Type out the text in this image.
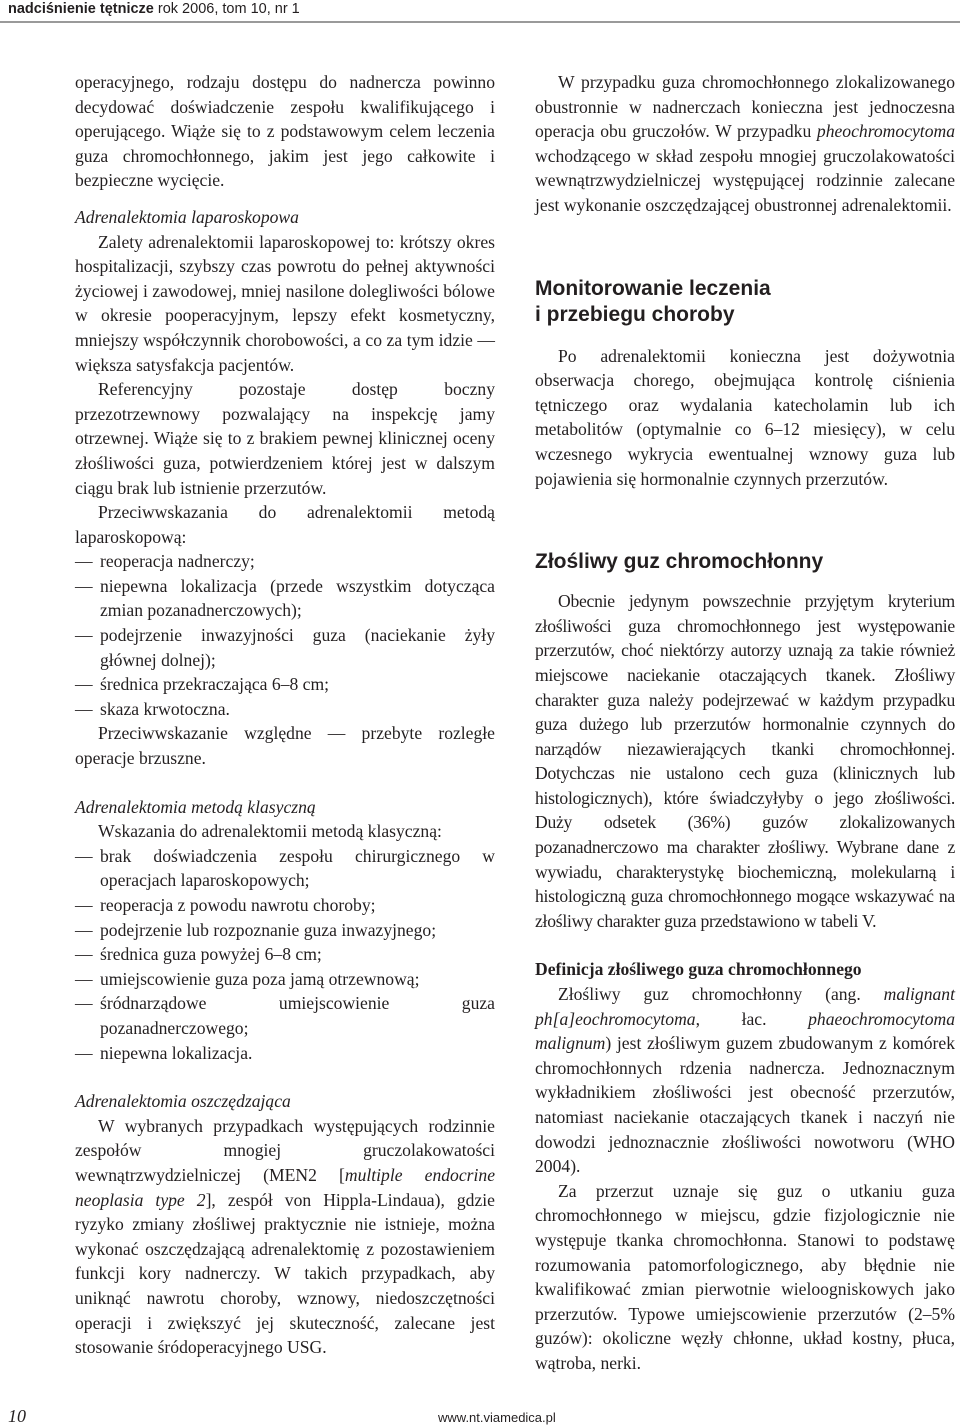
nadciśnienie tętnicze rok 2006, tom 10, nr 1

operacyjnego, rodzaju dostępu do nadnercza powinno decydować doświadczenie zespołu kwalifikującego i operującego. Wiąże się to z podstawowym celem leczenia guza chromochłonnego, jakim jest jego całkowite i bezpieczne wycięcie.

Adrenalektomia laparoskopowa

Zalety adrenalektomii laparoskopowej to: krótszy okres hospitalizacji, szybszy czas powrotu do pełnej aktywności życiowej i zawodowej, mniej nasilone dolegliwości bólowe w okresie pooperacyjnym, lepszy efekt kosmetyczny, mniejszy współczynnik chorobowości, a co za tym idzie — większa satysfakcja pacjentów.

Referencyjny pozostaje dostęp boczny przezotrzewnowy pozwalający na inspekcję jamy otrzewnej. Wiąże się to z brakiem pewnej klinicznej oceny złośliwości guza, potwierdzeniem której jest w dalszym ciągu brak lub istnienie przerzutów.

Przeciwwskazania do adrenalektomii metodą laparoskopową:

— reoperacja nadnerczy;
— niepewna lokalizacja (przede wszystkim dotycząca zmian pozanadnerczowych);
— podejrzenie inwazyjności guza (naciekanie żyły głównej dolnej);
— średnica przekraczająca 6–8 cm;
— skaza krwotoczna.

Przeciwwskazanie względne — przebyte rozległe operacje brzuszne.

Adrenalektomia metodą klasyczną

Wskazania do adrenalektomii metodą klasyczną:

— brak doświadczenia zespołu chirurgicznego w operacjach laparoskopowych;
— reoperacja z powodu nawrotu choroby;
— podejrzenie lub rozpoznanie guza inwazyjnego;
— średnica guza powyżej 6–8 cm;
— umiejscowienie guza poza jamą otrzewnową;
— śródnarządowe umiejscowienie guza pozanadnerczowego;
— niepewna lokalizacja.
Adrenalektomia oszczędzająca

W wybranych przypadkach występujących rodzinnie zespołów mnogiej gruczolakowatości wewnątrzwydzielniczej (MEN2 [multiple endocrine neoplasia type 2], zespół von Hippla-Lindaua), gdzie ryzyko zmiany złośliwej praktycznie nie istnieje, można wykonać oszczędzającą adrenalektomię z pozostawieniem funkcji kory nadnerczy. W takich przypadkach, aby uniknąć nawrotu choroby, wznowy, niedoszczętności operacji i zwiększyć jej skuteczność, zalecane jest stosowanie śródoperacyjnego USG.

W przypadku guza chromochłonnego zlokalizowanego obustronnie w nadnerczach konieczna jest jednoczesna operacja obu gruczołów. W przypadku pheochromocytoma wchodzącego w skład zespołu mnogiej gruczolakowatości wewnątrzwydzielniczej występującej rodzinnie zalecane jest wykonanie oszczędzającej obustronnej adrenalektomii.

Monitorowanie leczenia
i przebiegu choroby

Po adrenalektomii konieczna jest dożywotnia obserwacja chorego, obejmująca kontrolę ciśnienia tętniczego oraz wydalania katecholamin lub ich metabolitów (optymalnie co 6–12 miesięcy), w celu wczesnego wykrycia ewentualnej wznowy guza lub pojawienia się hormonalnie czynnych przerzutów.

Złośliwy guz chromochłonny

Obecnie jedynym powszechnie przyjętym kryterium złośliwości guza chromochłonnego jest występowanie przerzutów, choć niektórzy autorzy uznają za takie również miejscowe naciekanie otaczających tkanek. Złośliwy charakter guza należy podejrzewać w każdym przypadku guza dużego lub przerzutów hormonalnie czynnych do narządów niezawierających tkanki chromochłonnej. Dotychczas nie ustalono cech guza (klinicznych lub histologicznych), które świadczyłyby o jego złośliwości. Duży odsetek (36%) guzów zlokalizowanych pozanadnerczowo ma charakter złośliwy. Wybrane dane z wywiadu, charakterystykę biochemiczną, molekularną i histologiczną guza chromochłonnego mogące wskazywać na złośliwy charakter guza przedstawiono w tabeli V.

Definicja złośliwego guza chromochłonnego

Złośliwy guz chromochłonny (ang. malignant ph[a]eochromocytoma, łac. phaeochromocytoma malignum) jest złośliwym guzem zbudowanym z komórek chromochłonnych rdzenia nadnercza. Jednoznacznym wykładnikiem złośliwości jest obecność przerzutów, natomiast naciekanie otaczających tkanek i naczyń nie dowodzi jednoznacznie złośliwości nowotworu (WHO 2004).

Za przerzut uznaje się guz o utkaniu guza chromochłonnego w miejscu, gdzie fizjologicznie nie występuje tkanka chromochłonna. Stanowi to podstawę rozumowania patomorfologicznego, aby błędnie nie kwalifikować zmian pierwotnie wieloogniskowych jako przerzutów. Typowe umiejscowienie przerzutów (2–5% guzów): okoliczne węzły chłonne, układ kostny, płuca, wątroba, nerki.

10	www.nt.viamedica.pl
